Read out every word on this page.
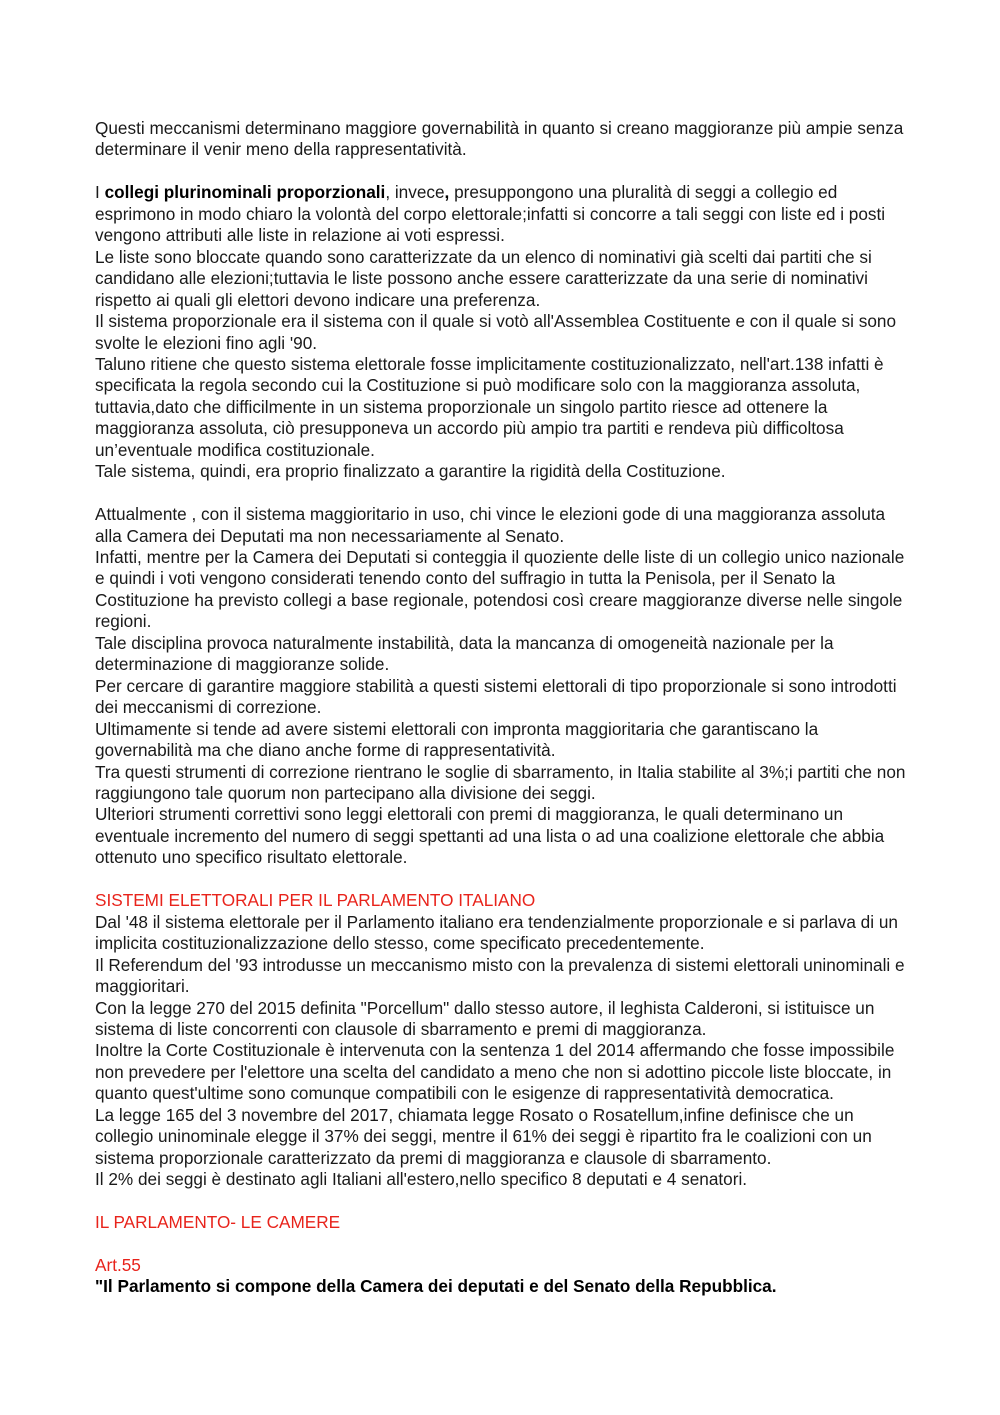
Questi meccanismi determinano maggiore governabilità in quanto si creano maggioranze più ampie senza determinare il venir meno della rappresentatività.

I collegi plurinominali proporzionali, invece, presuppongono una pluralità di seggi a collegio ed esprimono in modo chiaro la volontà del corpo elettorale;infatti si concorre a tali seggi con liste ed i posti vengono attributi alle liste in relazione ai voti espressi.

Le liste sono bloccate quando sono caratterizzate da un elenco di nominativi già scelti dai partiti che si candidano alle elezioni;tuttavia le liste possono anche essere caratterizzate da una serie di nominativi rispetto ai quali gli elettori devono indicare una preferenza.

Il sistema proporzionale era il sistema con il quale si votò all'Assemblea Costituente e con il quale si sono svolte le elezioni fino agli '90.

Taluno ritiene che questo sistema elettorale fosse implicitamente costituzionalizzato, nell'art.138 infatti è specificata la regola secondo cui la Costituzione si può modificare solo con la maggioranza assoluta, tuttavia,dato che difficilmente in un sistema proporzionale un singolo partito riesce ad ottenere la maggioranza assoluta, ciò presupponeva un accordo più ampio tra partiti e rendeva più difficoltosa un’eventuale modifica costituzionale.

Tale sistema, quindi, era proprio finalizzato a garantire la rigidità della Costituzione.

Attualmente , con il sistema maggioritario in uso, chi vince le elezioni gode di una maggioranza assoluta alla Camera dei Deputati ma non necessariamente al Senato.

Infatti, mentre per la Camera dei Deputati si conteggia il quoziente delle liste di un collegio unico nazionale e quindi i voti vengono considerati tenendo conto del suffragio in tutta la Penisola, per il Senato la Costituzione ha previsto collegi a base regionale, potendosi così creare maggioranze diverse nelle singole regioni.

Tale disciplina provoca naturalmente instabilità, data la mancanza di omogeneità nazionale per la determinazione di maggioranze solide.

Per cercare di garantire maggiore stabilità a questi sistemi elettorali di tipo proporzionale si sono introdotti dei meccanismi di correzione.

Ultimamente si tende ad avere sistemi elettorali con impronta maggioritaria che garantiscano la governabilità ma che diano anche forme di rappresentatività.

Tra questi strumenti di correzione rientrano le soglie di sbarramento, in Italia stabilite al 3%;i partiti che non raggiungono tale quorum non partecipano alla divisione dei seggi.

Ulteriori strumenti correttivi sono leggi elettorali con premi di maggioranza, le quali determinano un eventuale incremento del numero di seggi spettanti ad una lista o ad una coalizione elettorale che abbia ottenuto uno specifico risultato elettorale.

SISTEMI ELETTORALI PER IL PARLAMENTO ITALIANO

Dal '48 il sistema elettorale per il Parlamento italiano era tendenzialmente proporzionale e si parlava di un implicita costituzionalizzazione dello stesso, come specificato precedentemente.

Il Referendum del '93 introdusse un meccanismo misto con la prevalenza di sistemi elettorali uninominali e maggioritari.

Con la legge 270 del 2015 definita "Porcellum" dallo stesso autore, il leghista Calderoni, si istituisce un sistema di liste concorrenti con clausole di sbarramento e premi di maggioranza.

Inoltre la Corte Costituzionale è intervenuta con la sentenza 1 del 2014 affermando che fosse impossibile non prevedere per l'elettore una scelta del candidato a meno che non si adottino piccole liste bloccate, in quanto quest'ultime sono comunque compatibili con le esigenze di rappresentatività democratica.

La legge 165 del 3 novembre del 2017, chiamata legge Rosato o Rosatellum,infine definisce che un collegio uninominale elegge il 37% dei seggi, mentre il 61% dei seggi è ripartito fra le coalizioni con un sistema proporzionale caratterizzato da premi di maggioranza e clausole di sbarramento.

Il 2% dei seggi è destinato agli Italiani all'estero,nello specifico 8 deputati e 4 senatori.

IL PARLAMENTO- LE CAMERE

Art.55

"Il Parlamento si compone della Camera dei deputati e del Senato della Repubblica.
